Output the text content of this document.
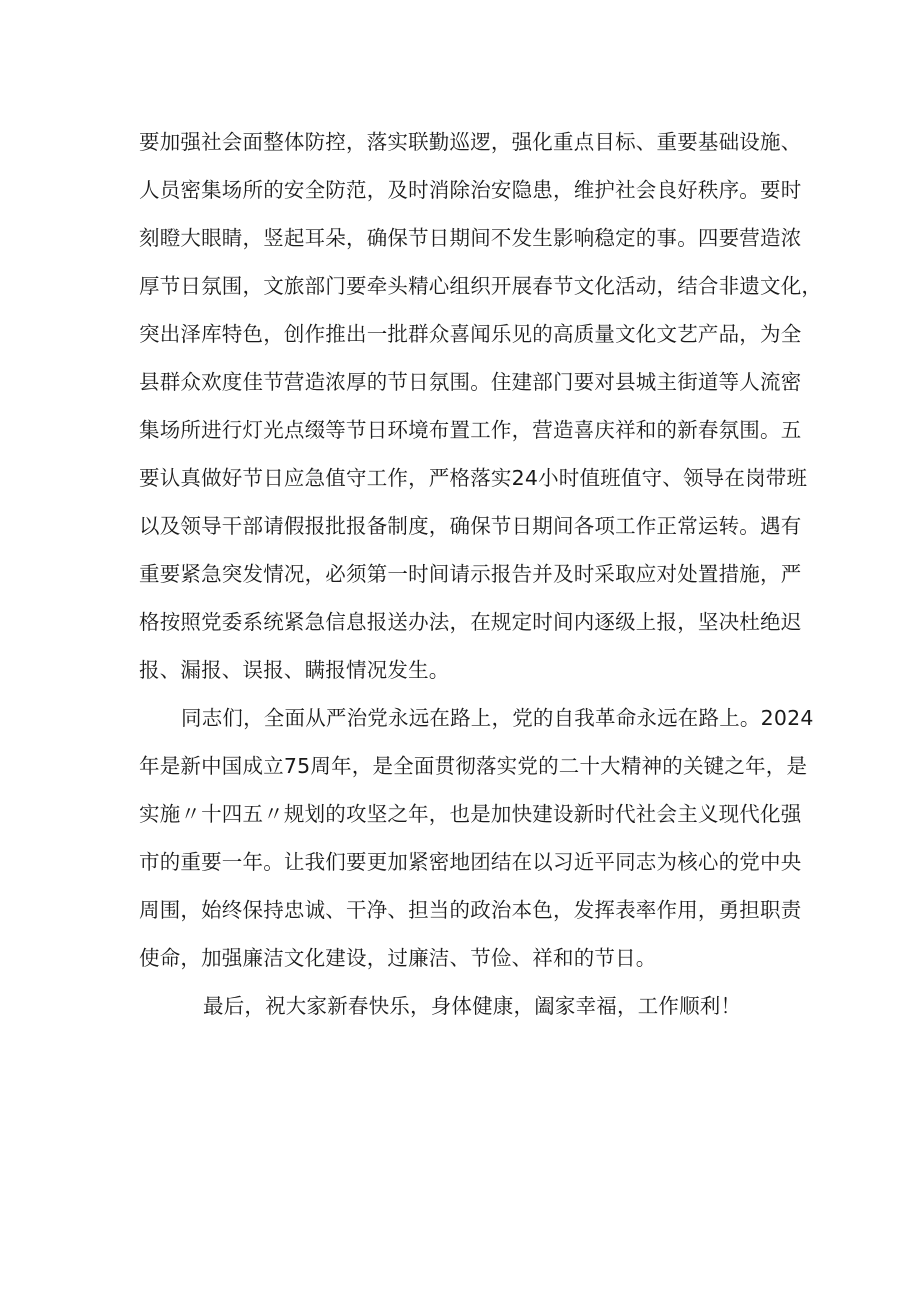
要加强社会面整体防控，落实联勤巡逻，强化重点目标、重要基础设施、
人员密集场所的安全防范，及时消除治安隐患，维护社会良好秩序。要时
刻瞪大眼睛，竖起耳朵，确保节日期间不发生影响稳定的事。四要营造浓
厚节日氛围，文旅部门要牵头精心组织开展春节文化活动，结合非遗文化，
突出泽库特色，创作推出一批群众喜闻乐见的高质量文化文艺产品，为全
县群众欢度佳节营造浓厚的节日氛围。住建部门要对县城主街道等人流密
集场所进行灯光点缀等节日环境布置工作，营造喜庆祥和的新春氛围。五
要认真做好节日应急值守工作，严格落实24小时值班值守、领导在岗带班
以及领导干部请假报批报备制度，确保节日期间各项工作正常运转。遇有
重要紧急突发情况，必须第一时间请示报告并及时采取应对处置措施，严
格按照党委系统紧急信息报送办法，在规定时间内逐级上报，坚决杜绝迟
报、漏报、误报、瞒报情况发生。
同志们，全面从严治党永远在路上，党的自我革命永远在路上。2024
年是新中国成立75周年，是全面贯彻落实党的二十大精神的关键之年，是
实施〃十四五〃规划的攻坚之年，也是加快建设新时代社会主义现代化强
市的重要一年。让我们要更加紧密地团结在以习近平同志为核心的党中央
周围，始终保持忠诚、干净、担当的政治本色，发挥表率作用，勇担职责
使命，加强廉洁文化建设，过廉洁、节俭、祥和的节日。
最后，祝大家新春快乐，身体健康，阖家幸福，工作顺利！
